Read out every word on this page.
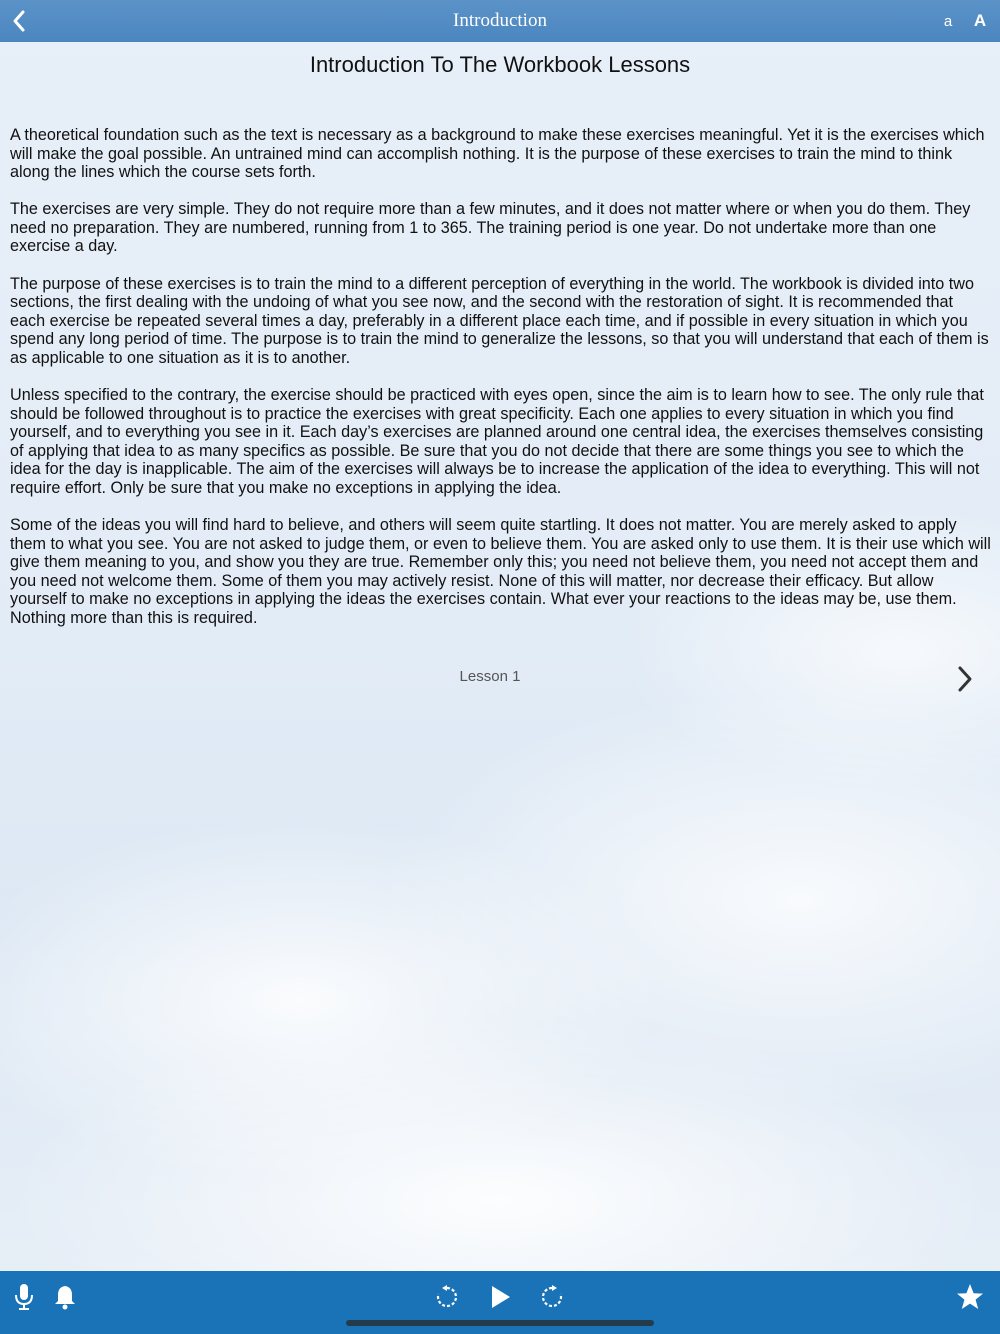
Introduction	a	A
Introduction To The Workbook Lessons

A theoretical foundation such as the text is necessary as a background to make these exercises meaningful. Yet it is the exercises which will make the goal possible. An untrained mind can accomplish nothing. It is the purpose of these exercises to train the mind to think along the lines which the course sets forth.

The exercises are very simple. They do not require more than a few minutes, and it does not matter where or when you do them. They need no preparation. They are numbered, running from 1 to 365. The training period is one year. Do not undertake more than one exercise a day.

The purpose of these exercises is to train the mind to a different perception of everything in the world. The workbook is divided into two sections, the first dealing with the undoing of what you see now, and the second with the restoration of sight. It is recommended that each exercise be repeated several times a day, preferably in a different place each time, and if possible in every situation in which you spend any long period of time. The purpose is to train the mind to generalize the lessons, so that you will understand that each of them is as applicable to one situation as it is to another.

Unless specified to the contrary, the exercise should be practiced with eyes open, since the aim is to learn how to see. The only rule that should be followed throughout is to practice the exercises with great specificity. Each one applies to every situation in which you find yourself, and to everything you see in it. Each day’s exercises are planned around one central idea, the exercises themselves consisting of applying that idea to as many specifics as possible. Be sure that you do not decide that there are some things you see to which the idea for the day is inapplicable. The aim of the exercises will always be to increase the application of the idea to everything. This will not require effort. Only be sure that you make no exceptions in applying the idea.

Some of the ideas you will find hard to believe, and others will seem quite startling. It does not matter. You are merely asked to apply them to what you see. You are not asked to judge them, or even to believe them. You are asked only to use them. It is their use which will give them meaning to you, and show you they are true. Remember only this; you need not believe them, you need not accept them and you need not welcome them. Some of them you may actively resist. None of this will matter, nor decrease their efficacy. But allow yourself to make no exceptions in applying the ideas the exercises contain. What ever your reactions to the ideas may be, use them. Nothing more than this is required.

Lesson 1
